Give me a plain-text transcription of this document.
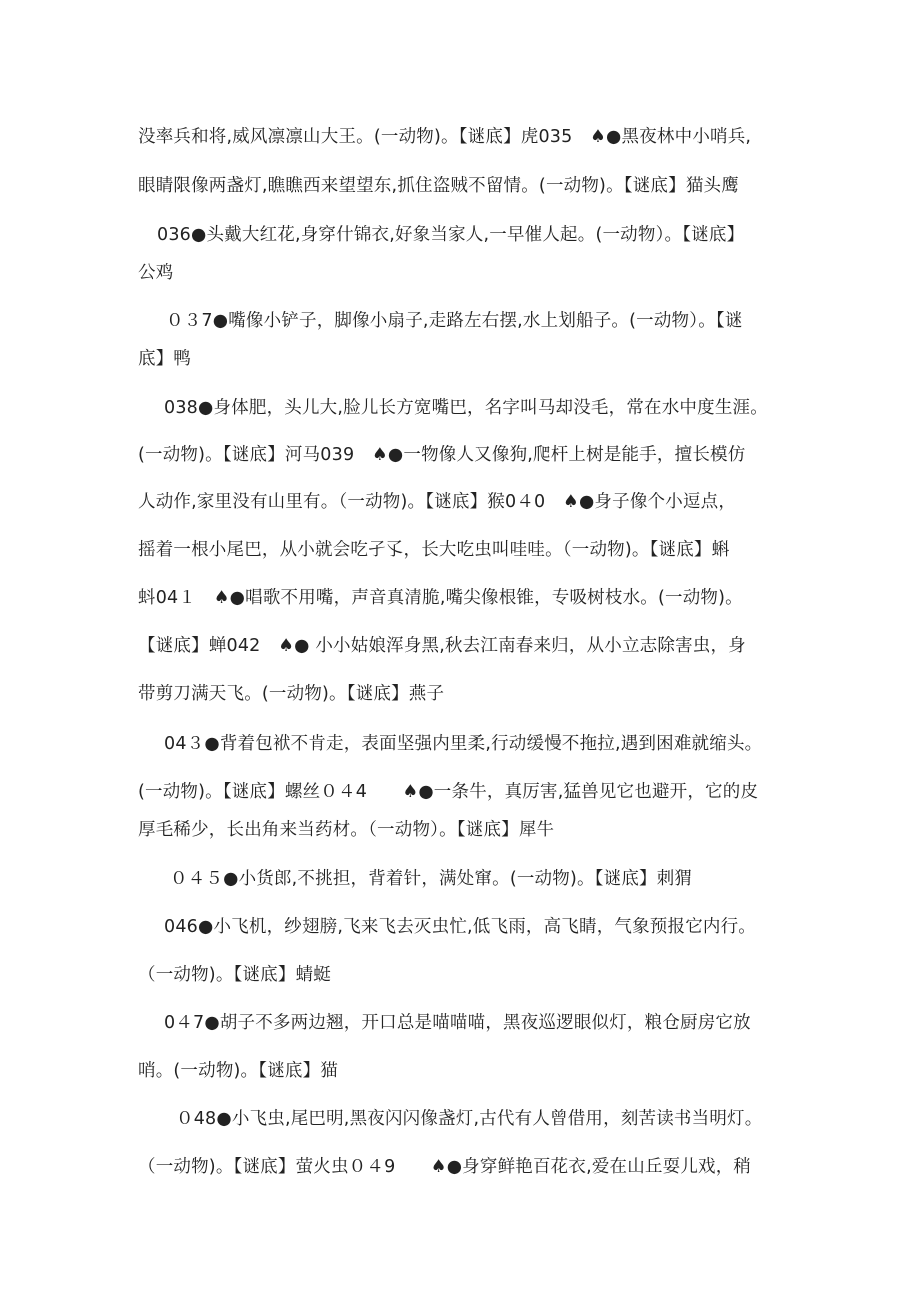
没率兵和将,威风凛凛山大王。(一动物)。【谜底】虎035　♠●黑夜林中小哨兵,
眼睛限像两盏灯,瞧瞧西来望望东,抓住盗贼不留情。(一动物)。【谜底】猫头鹰
036●头戴大红花,身穿什锦衣,好象当家人,一早催人起。(一动物）。【谜底】
公鸡
０３7●嘴像小铲子，脚像小扇子,走路左右摆,水上划船子。(一动物）。【谜
底】鸭
038●身体肥，头儿大,脸儿长方宽嘴巴，名字叫马却没毛，常在水中度生涯。
(一动物)。【谜底】河马039　♠●一物像人又像狗,爬杆上树是能手，擅长模仿
人动作,家里没有山里有。（一动物)。【谜底】猴0４0　♠●身子像个小逗点，
摇着一根小尾巴，从小就会吃孑孓，长大吃虫叫哇哇。（一动物)。【谜底】蝌
蚪04１　♠●唱歌不用嘴，声音真清脆,嘴尖像根锥，专吸树枝水。(一动物)。
【谜底】蝉042　♠● 小小姑娘浑身黑,秋去江南春来归，从小立志除害虫，身
带剪刀满天飞。(一动物)。【谜底】燕子
04３●背着包袱不肯走，表面坚强内里柔,行动缓慢不拖拉,遇到困难就缩头。
(一动物)。【谜底】螺丝０４4　　♠●一条牛，真厉害,猛兽见它也避开，它的皮
厚毛稀少，长出角来当药材。（一动物）。【谜底】犀牛
０４５●小货郎,不挑担，背着针，满处窜。(一动物)。【谜底】刺猬
046●小飞机，纱翅膀,飞来飞去灭虫忙,低飞雨，高飞睛，气象预报它内行。
（一动物)。【谜底】蜻蜓
0４7●胡子不多两边翘，开口总是喵喵喵，黑夜巡逻眼似灯，粮仓厨房它放
哨。(一动物)。【谜底】猫
０48●小飞虫,尾巴明,黑夜闪闪像盏灯,古代有人曾借用，刻苦读书当明灯。
（一动物)。【谜底】萤火虫０４9　　♠●身穿鲜艳百花衣,爱在山丘耍儿戏，稍
